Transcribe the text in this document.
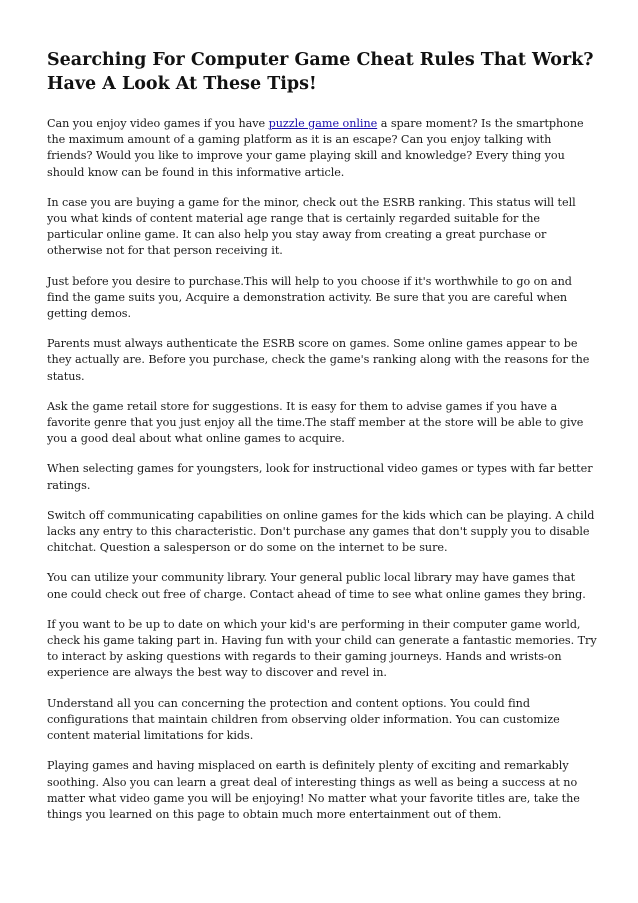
Searching For Computer Game Cheat Rules That Work? Have A Look At These Tips!

Can you enjoy video games if you have puzzle game online a spare moment? Is the smartphone the maximum amount of a gaming platform as it is an escape? Can you enjoy talking with friends? Would you like to improve your game playing skill and knowledge? Every thing you should know can be found in this informative article.

In case you are buying a game for the minor, check out the ESRB ranking. This status will tell you what kinds of content material age range that is certainly regarded suitable for the particular online game. It can also help you stay away from creating a great purchase or otherwise not for that person receiving it.

Just before you desire to purchase.This will help to you choose if it's worthwhile to go on and find the game suits you, Acquire a demonstration activity. Be sure that you are careful when getting demos.

Parents must always authenticate the ESRB score on games. Some online games appear to be they actually are. Before you purchase, check the game's ranking along with the reasons for the status.

Ask the game retail store for suggestions. It is easy for them to advise games if you have a favorite genre that you just enjoy all the time.The staff member at the store will be able to give you a good deal about what online games to acquire.

When selecting games for youngsters, look for instructional video games or types with far better ratings.

Switch off communicating capabilities on online games for the kids which can be playing. A child lacks any entry to this characteristic. Don't purchase any games that don't supply you to disable chitchat. Question a salesperson or do some on the internet to be sure.

You can utilize your community library. Your general public local library may have games that one could check out free of charge. Contact ahead of time to see what online games they bring.

If you want to be up to date on which your kid's are performing in their computer game world, check his game taking part in. Having fun with your child can generate a fantastic memories. Try to interact by asking questions with regards to their gaming journeys. Hands and wrists-on experience are always the best way to discover and revel in.

Understand all you can concerning the protection and content options. You could find configurations that maintain children from observing older information. You can customize content material limitations for kids.

Playing games and having misplaced on earth is definitely plenty of exciting and remarkably soothing. Also you can learn a great deal of interesting things as well as being a success at no matter what video game you will be enjoying! No matter what your favorite titles are, take the things you learned on this page to obtain much more entertainment out of them.
